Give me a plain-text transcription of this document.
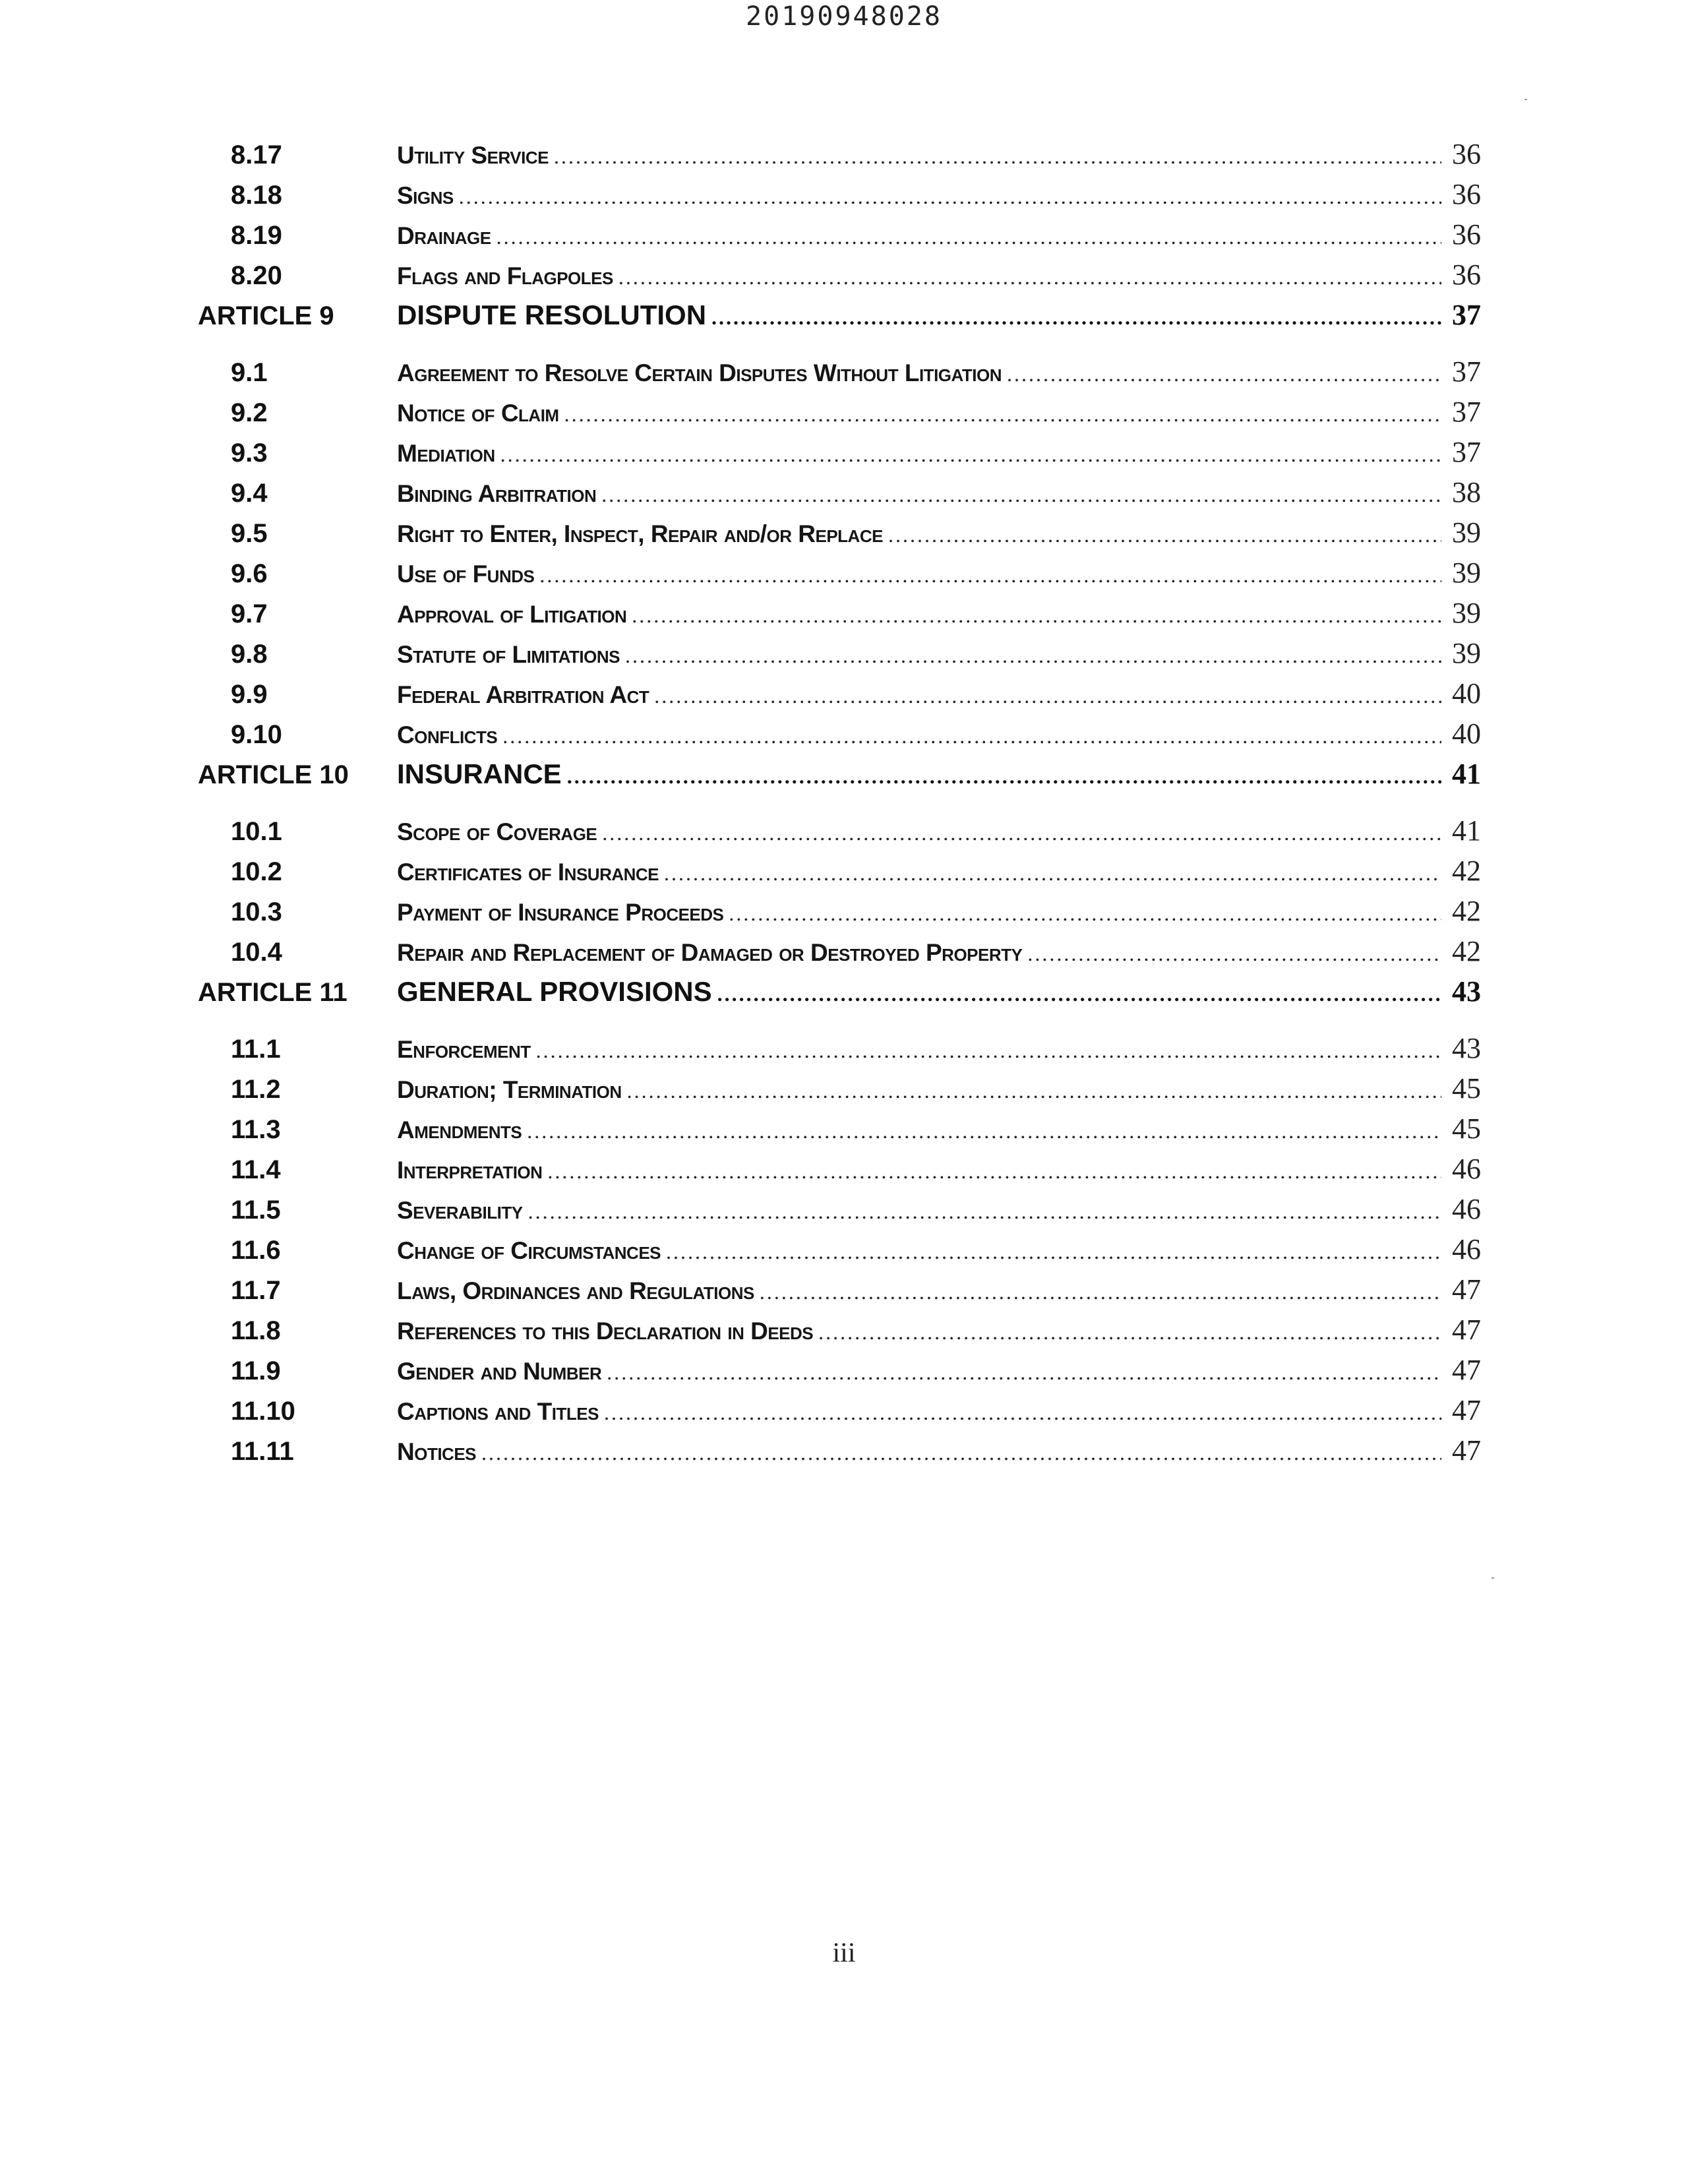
20190948028
8.17	Utility Service .....	36
8.18	Signs .....	36
8.19	Drainage .....	36
8.20	Flags and Flagpoles .....	36
ARTICLE 9	DISPUTE RESOLUTION .....	37
9.1	Agreement to Resolve Certain Disputes Without Litigation .....	37
9.2	Notice of Claim .....	37
9.3	Mediation .....	37
9.4	Binding Arbitration .....	38
9.5	Right to Enter, Inspect, Repair and/or Replace .....	39
9.6	Use of Funds .....	39
9.7	Approval of Litigation .....	39
9.8	Statute of Limitations .....	39
9.9	Federal Arbitration Act .....	40
9.10	Conflicts .....	40
ARTICLE 10	INSURANCE .....	41
10.1	Scope of Coverage .....	41
10.2	Certificates of Insurance .....	42
10.3	Payment of Insurance Proceeds .....	42
10.4	Repair and Replacement of Damaged or Destroyed Property .....	42
ARTICLE 11	GENERAL PROVISIONS .....	43
11.1	Enforcement .....	43
11.2	Duration; Termination .....	45
11.3	Amendments .....	45
11.4	Interpretation .....	46
11.5	Severability .....	46
11.6	Change of Circumstances .....	46
11.7	Laws, Ordinances and Regulations .....	47
11.8	References to this Declaration in Deeds .....	47
11.9	Gender and Number .....	47
11.10	Captions and Titles .....	47
11.11	Notices .....	47
iii
